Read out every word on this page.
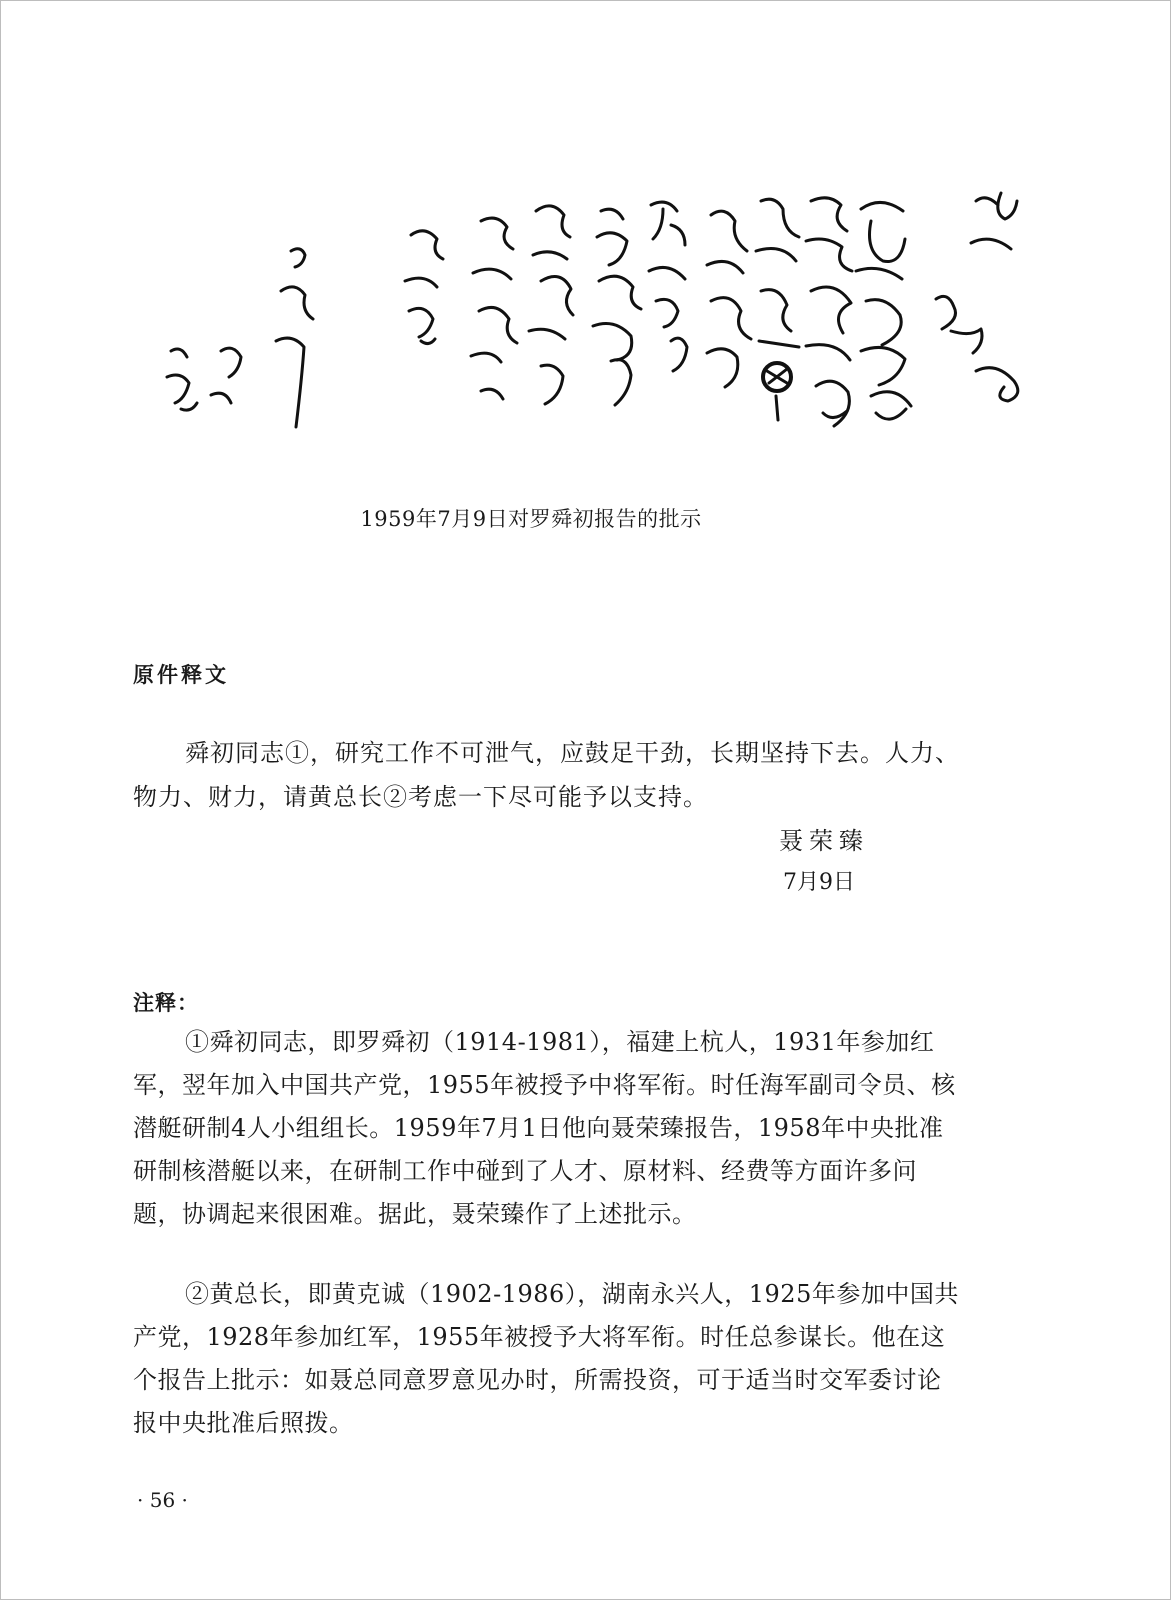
1959年7月9日对罗舜初报告的批示
原件释文

舜初同志①，研究工作不可泄气，应鼓足干劲，长期坚持下去。人力、物力、财力，请黄总长②考虑一下尽可能予以支持。

聂荣臻
7月9日
注释：

①舜初同志，即罗舜初（1914-1981），福建上杭人，1931年参加红军，翌年加入中国共产党，1955年被授予中将军衔。时任海军副司令员、核潜艇研制4人小组组长。1959年7月1日他向聂荣臻报告，1958年中央批准研制核潜艇以来，在研制工作中碰到了人才、原材料、经费等方面许多问题，协调起来很困难。据此，聂荣臻作了上述批示。

②黄总长，即黄克诚（1902-1986），湖南永兴人，1925年参加中国共产党，1928年参加红军，1955年被授予大将军衔。时任总参谋长。他在这个报告上批示：如聂总同意罗意见办时，所需投资，可于适当时交军委讨论报中央批准后照拨。

· 56 ·
